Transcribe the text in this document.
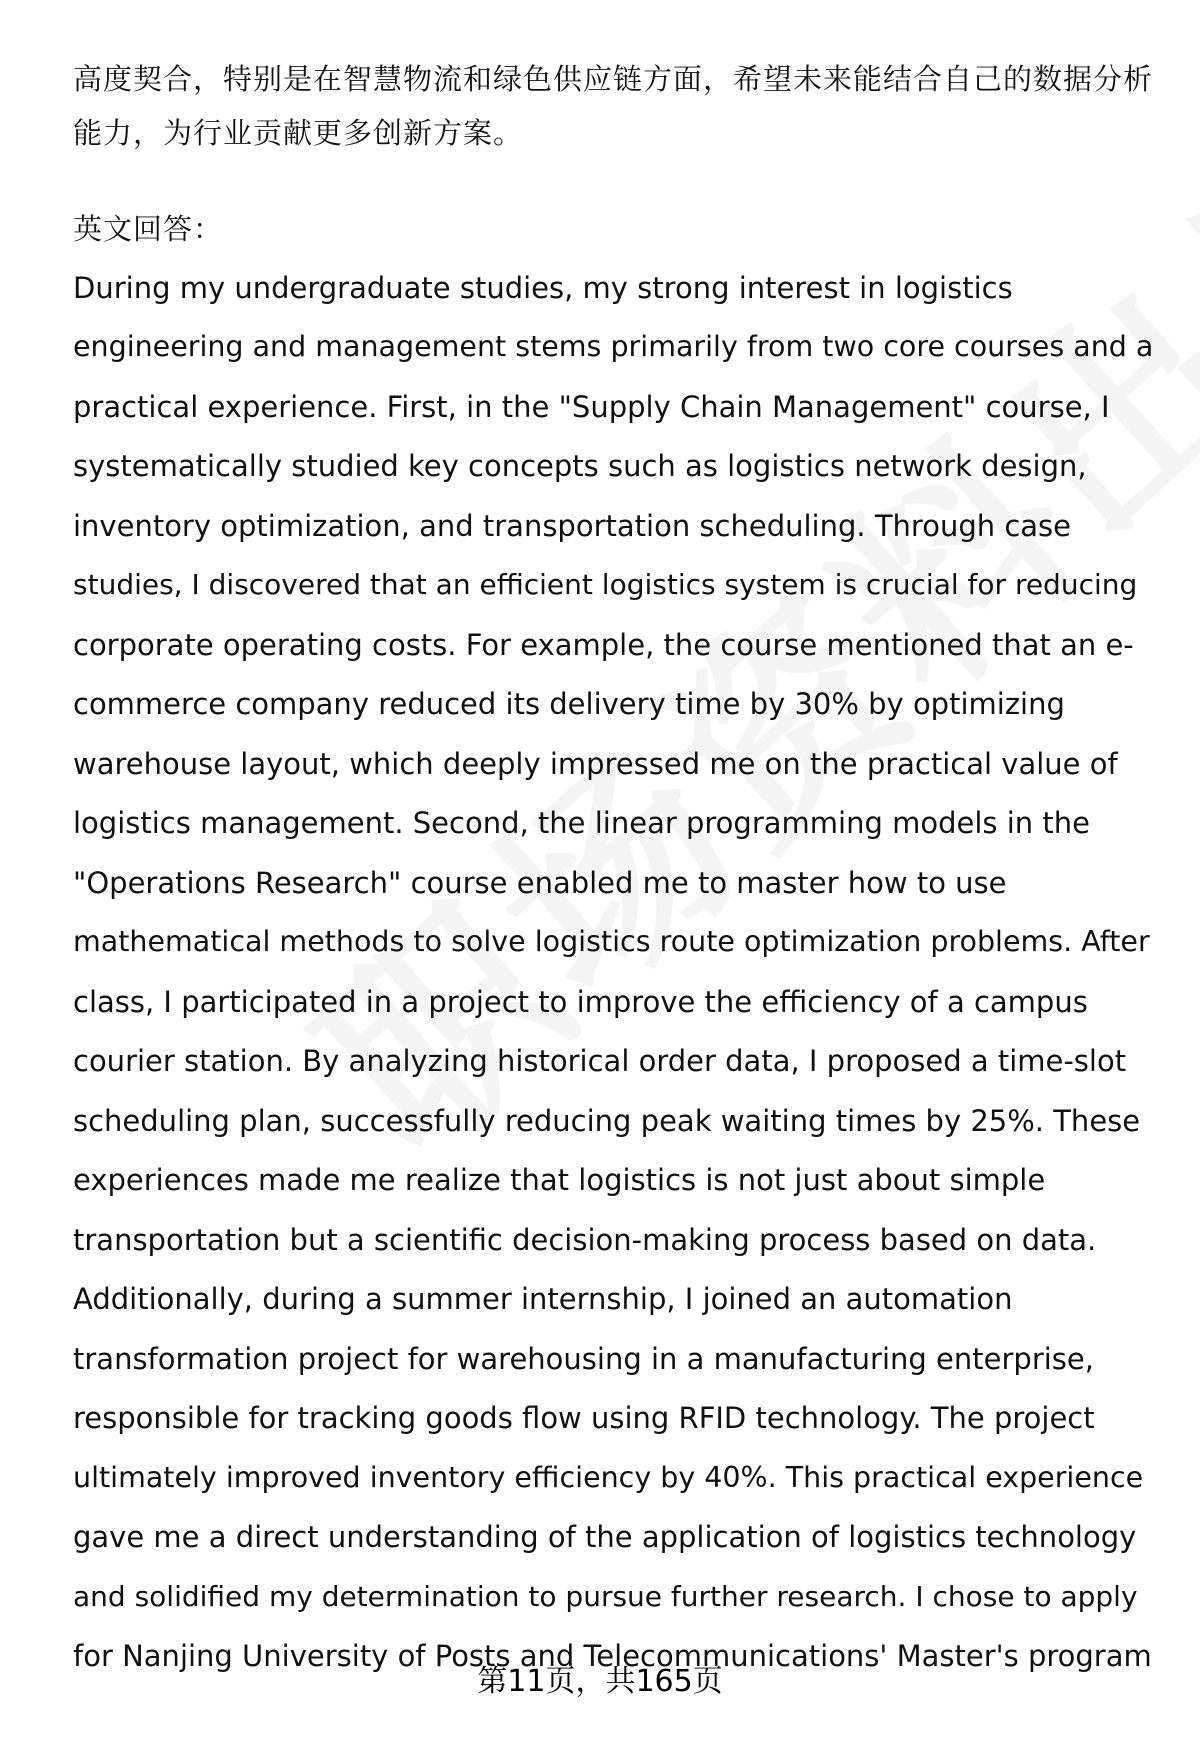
高度契合，特别是在智慧物流和绿色供应链方面，希望未来能结合自己的数据分析
能力，为行业贡献更多创新方案。
英文回答：
During my undergraduate studies, my strong interest in logistics
engineering and management stems primarily from two core courses and a
practical experience. First, in the "Supply Chain Management" course, I
systematically studied key concepts such as logistics network design,
inventory optimization, and transportation scheduling. Through case
studies, I discovered that an efficient logistics system is crucial for reducing
corporate operating costs. For example, the course mentioned that an e-
commerce company reduced its delivery time by 30% by optimizing
warehouse layout, which deeply impressed me on the practical value of
logistics management. Second, the linear programming models in the
"Operations Research" course enabled me to master how to use
mathematical methods to solve logistics route optimization problems. After
class, I participated in a project to improve the efficiency of a campus
courier station. By analyzing historical order data, I proposed a time-slot
scheduling plan, successfully reducing peak waiting times by 25%. These
experiences made me realize that logistics is not just about simple
transportation but a scientific decision-making process based on data.
Additionally, during a summer internship, I joined an automation
transformation project for warehousing in a manufacturing enterprise,
responsible for tracking goods flow using RFID technology. The project
ultimately improved inventory efficiency by 40%. This practical experience
gave me a direct understanding of the application of logistics technology
and solidified my determination to pursue further research. I chose to apply
for Nanjing University of Posts and Telecommunications' Master's program
第11页，共165页
